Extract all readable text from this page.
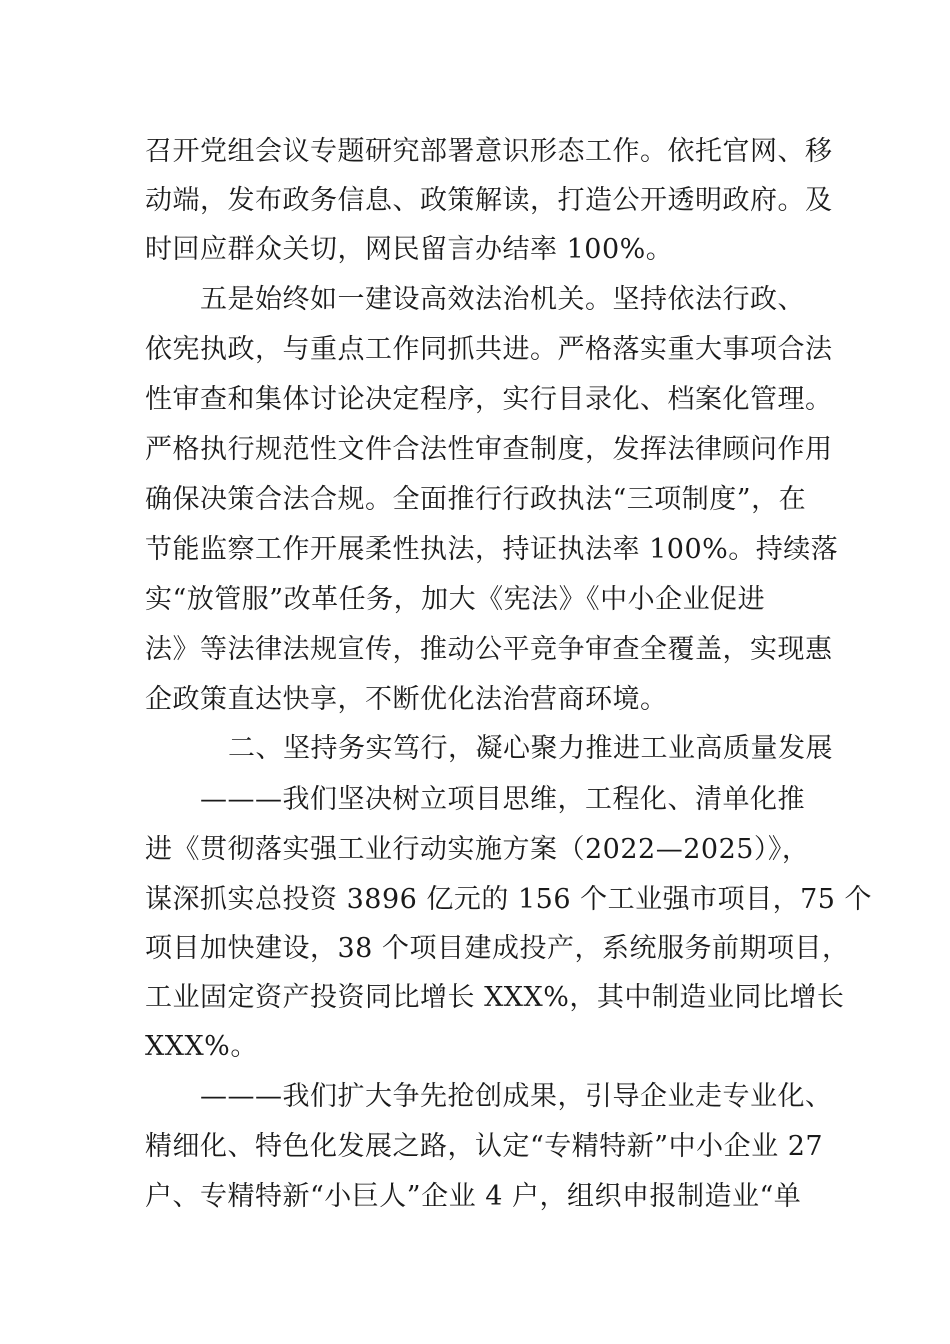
召开党组会议专题研究部署意识形态工作。依托官网、移
动端，发布政务信息、政策解读，打造公开透明政府。及
时回应群众关切，网民留言办结率 100%。
五是始终如一建设高效法治机关。坚持依法行政、
依宪执政，与重点工作同抓共进。严格落实重大事项合法
性审查和集体讨论决定程序，实行目录化、档案化管理。
严格执行规范性文件合法性审查制度，发挥法律顾问作用
确保决策合法合规。全面推行行政执法“三项制度”，在
节能监察工作开展柔性执法，持证执法率 100%。持续落
实“放管服”改革任务，加大《宪法》《中小企业促进
法》等法律法规宣传，推动公平竞争审查全覆盖，实现惠
企政策直达快享，不断优化法治营商环境。
二、坚持务实笃行，凝心聚力推进工业高质量发展
———我们坚决树立项目思维，工程化、清单化推
进《贯彻落实强工业行动实施方案（2022—2025）》，
谋深抓实总投资 3896 亿元的 156 个工业强市项目，75 个
项目加快建设，38 个项目建成投产，系统服务前期项目，
工业固定资产投资同比增长 XXX%，其中制造业同比增长
XXX%。
———我们扩大争先抢创成果，引导企业走专业化、
精细化、特色化发展之路，认定“专精特新”中小企业 27
户、专精特新“小巨人”企业 4 户，组织申报制造业“单
